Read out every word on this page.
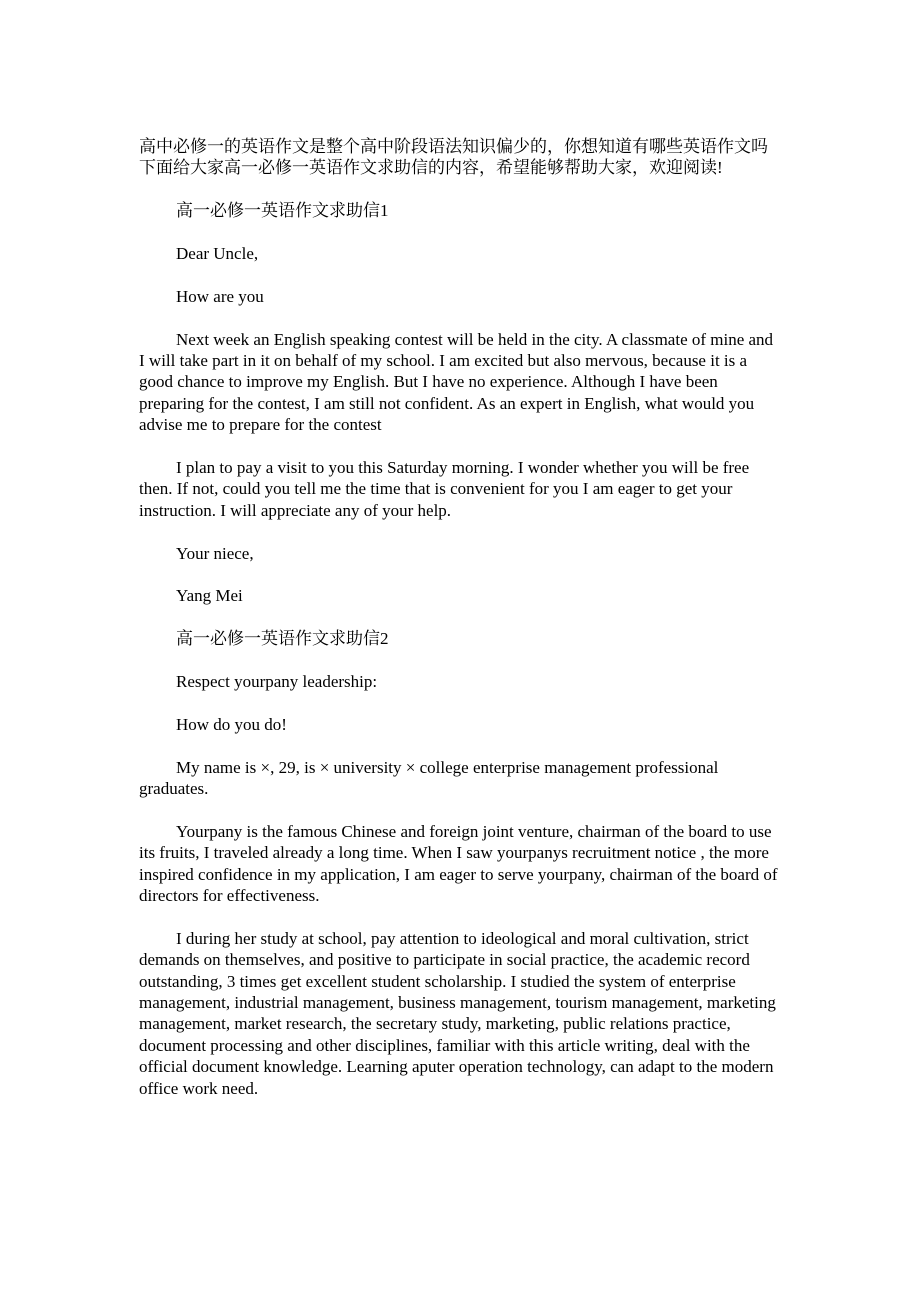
高中必修一的英语作文是整个高中阶段语法知识偏少的，你想知道有哪些英语作文吗下面给大家高一必修一英语作文求助信的内容，希望能够帮助大家，欢迎阅读!

高一必修一英语作文求助信1

Dear Uncle,

How are you

Next week an English speaking contest will be held in the city. A classmate of mine and I will take part in it on behalf of my school. I am excited but also mervous, because it is a good chance to improve my English. But I have no experience. Although I have been preparing for the contest, I am still not confident. As an expert in English, what would you advise me to prepare for the contest

I plan to pay a visit to you this Saturday morning. I wonder whether you will be free then. If not, could you tell me the time that is convenient for you I am eager to get your instruction. I will appreciate any of your help.

Your niece,

Yang Mei

高一必修一英语作文求助信2

Respect yourpany leadership:

How do you do!

My name is ×, 29, is × university × college enterprise management professional graduates.

Yourpany is the famous Chinese and foreign joint venture, chairman of the board to use its fruits, I traveled already a long time. When I saw yourpanys recruitment notice , the more inspired confidence in my application, I am eager to serve yourpany, chairman of the board of directors for effectiveness.

I during her study at school, pay attention to ideological and moral cultivation, strict demands on themselves, and positive to participate in social practice, the academic record outstanding, 3 times get excellent student scholarship. I studied the system of enterprise management, industrial management, business management, tourism management, marketing management, market research, the secretary study, marketing, public relations practice, document processing and other disciplines, familiar with this article writing, deal with the official document knowledge. Learning aputer operation technology, can adapt to the modern office work need.
